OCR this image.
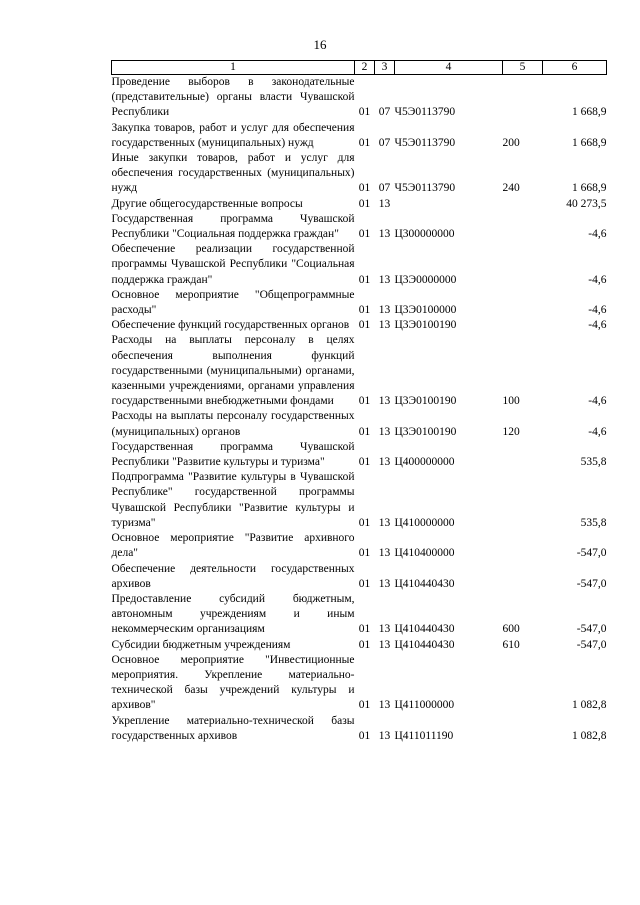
16
1	2	3	4	5	6
Проведение выборов в законодательные (представительные) органы власти Чувашской Республики	01	07	Ч5Э0113790		1 668,9
Закупка товаров, работ и услуг для обеспечения государственных (муниципальных) нужд	01	07	Ч5Э0113790	200	1 668,9
Иные закупки товаров, работ и услуг для обеспечения государственных (муниципальных) нужд	01	07	Ч5Э0113790	240	1 668,9
Другие общегосударственные вопросы	01	13			40 273,5
Государственная программа Чувашской Республики "Социальная поддержка граждан"	01	13	Ц300000000		-4,6
Обеспечение реализации государственной программы Чувашской Республики "Социальная поддержка граждан"	01	13	Ц3Э0000000		-4,6
Основное мероприятие "Общепрограммные расходы"	01	13	Ц3Э0100000		-4,6
Обеспечение функций государственных органов	01	13	Ц3Э0100190		-4,6
Расходы на выплаты персоналу в целях обеспечения выполнения функций государственными (муниципальными) органами, казенными учреждениями, органами управления государственными внебюджетными фондами	01	13	Ц3Э0100190	100	-4,6
Расходы на выплаты персоналу государственных (муниципальных) органов	01	13	Ц3Э0100190	120	-4,6
Государственная программа Чувашской Республики "Развитие культуры и туризма"	01	13	Ц400000000		535,8
Подпрограмма "Развитие культуры в Чувашской Республике" государственной программы Чувашской Республики "Развитие культуры и туризма"	01	13	Ц410000000		535,8
Основное мероприятие "Развитие архивного дела"	01	13	Ц410400000		-547,0
Обеспечение деятельности государственных архивов	01	13	Ц410440430		-547,0
Предоставление субсидий бюджетным, автономным учреждениям и иным некоммерческим организациям	01	13	Ц410440430	600	-547,0
Субсидии бюджетным учреждениям	01	13	Ц410440430	610	-547,0
Основное мероприятие "Инвестиционные мероприятия. Укрепление материально-технической базы учреждений культуры и архивов"	01	13	Ц411000000		1 082,8
Укрепление материально-технической базы государственных архивов	01	13	Ц411011190		1 082,8
